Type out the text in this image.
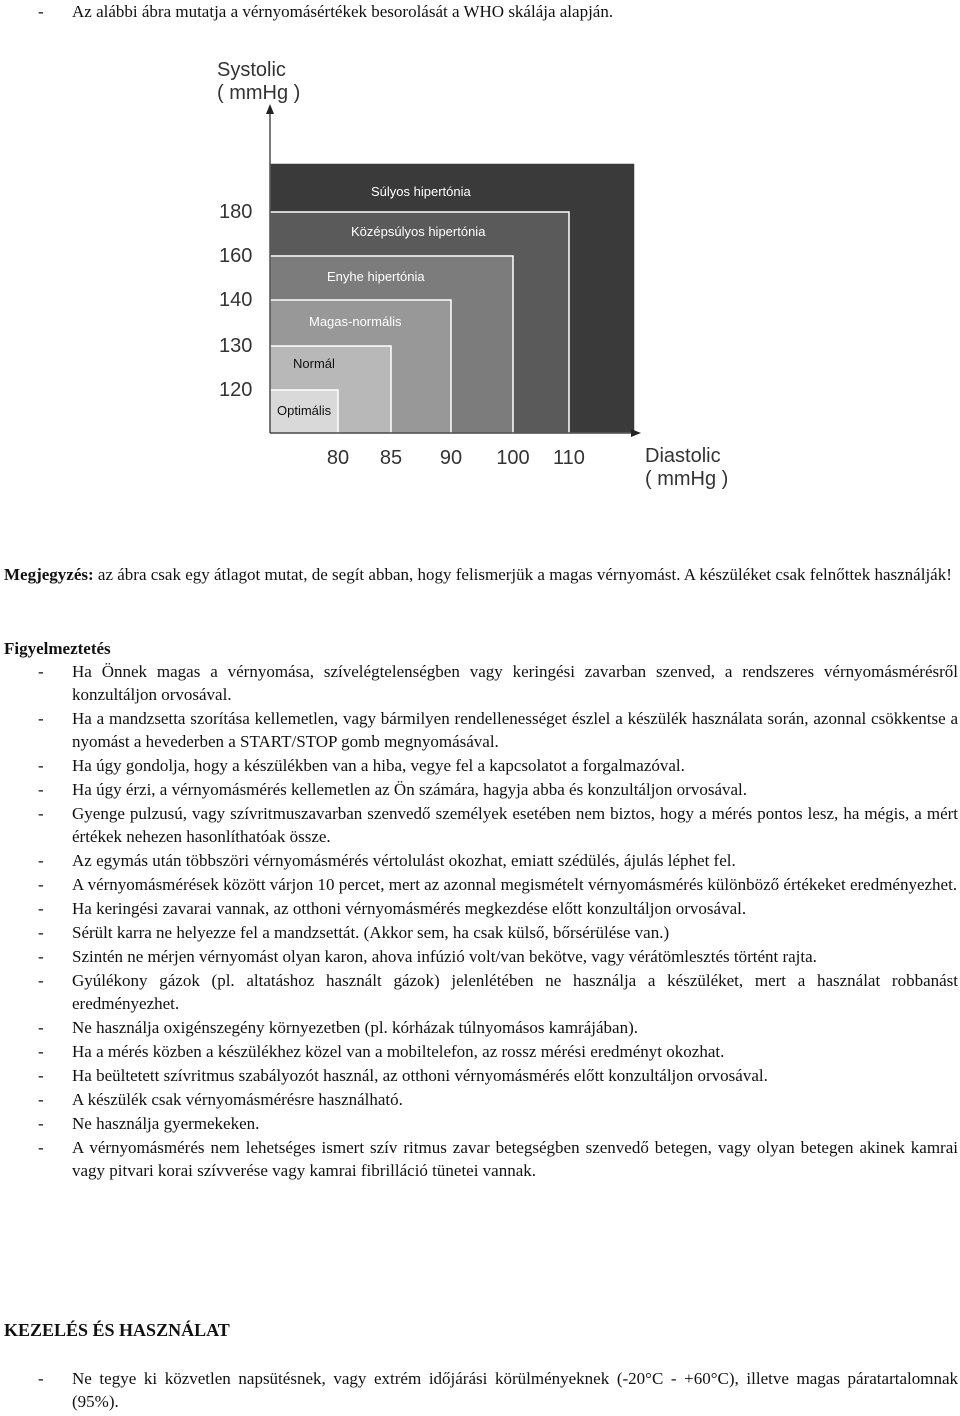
- Az alábbi ábra mutatja a vérnyomásértékek besorolását a WHO skálája alapján.
Optimális
Normál
Magas-normális
Enyhe hipertónia
Középsúlyos hipertónia
Súlyos hipertónia
Systolic
( mmHg )
Diastolic
( mmHg )
120
130
140
160
180
80 85 90 100 110
Megjegyzés: az ábra csak egy átlagot mutat, de segít abban, hogy felismerjük a magas vérnyomást. A készüléket csak felnőttek használják!
Figyelmeztetés
- Ha Önnek magas a vérnyomása, szívelégtelenségben vagy keringési zavarban szenved, a rendszeres vérnyomásmérésről konzultáljon orvosával.
- Ha a mandzsetta szorítása kellemetlen, vagy bármilyen rendellenességet észlel a készülék használata során, azonnal csökkentse a nyomást a hevederben a START/STOP gomb megnyomásával.
- Ha úgy gondolja, hogy a készülékben van a hiba, vegye fel a kapcsolatot a forgalmazóval.
- Ha úgy érzi, a vérnyomásmérés kellemetlen az Ön számára, hagyja abba és konzultáljon orvosával.
- Gyenge pulzusú, vagy szívritmuszavarban szenvedő személyek esetében nem biztos, hogy a mérés pontos lesz, ha mégis, a mért értékek nehezen hasonlíthatóak össze.
- Az egymás után többszöri vérnyomásmérés vértolulást okozhat, emiatt szédülés, ájulás léphet fel.
- A vérnyomásmérések között várjon 10 percet, mert az azonnal megismételt vérnyomásmérés különböző értékeket eredményezhet.
- Ha keringési zavarai vannak, az otthoni vérnyomásmérés megkezdése előtt konzultáljon orvosával.
- Sérült karra ne helyezze fel a mandzsettát. (Akkor sem, ha csak külső, bőrsérülése van.)
- Szintén ne mérjen vérnyomást olyan karon, ahova infúzió volt/van bekötve, vagy vérátömlesztés történt rajta.
- Gyúlékony gázok (pl. altatáshoz használt gázok) jelenlétében ne használja a készüléket, mert a használat robbanást eredményezhet.
- Ne használja oxigénszegény környezetben (pl. kórházak túlnyomásos kamrájában).
- Ha a mérés közben a készülékhez közel van a mobiltelefon, az rossz mérési eredményt okozhat.
- Ha beültetett szívritmus szabályozót használ, az otthoni vérnyomásmérés előtt konzultáljon orvosával.
- A készülék csak vérnyomásmérésre használható.
- Ne használja gyermekeken.
- A vérnyomásmérés nem lehetséges ismert szív ritmus zavar betegségben szenvedő betegen, vagy olyan betegen akinek kamrai vagy pitvari korai szívverése vagy kamrai fibrilláció tünetei vannak.
KEZELÉS ÉS HASZNÁLAT
- Ne tegye ki közvetlen napsütésnek, vagy extrém időjárási körülményeknek (-20°C - +60°C), illetve magas páratartalomnak (95%).
